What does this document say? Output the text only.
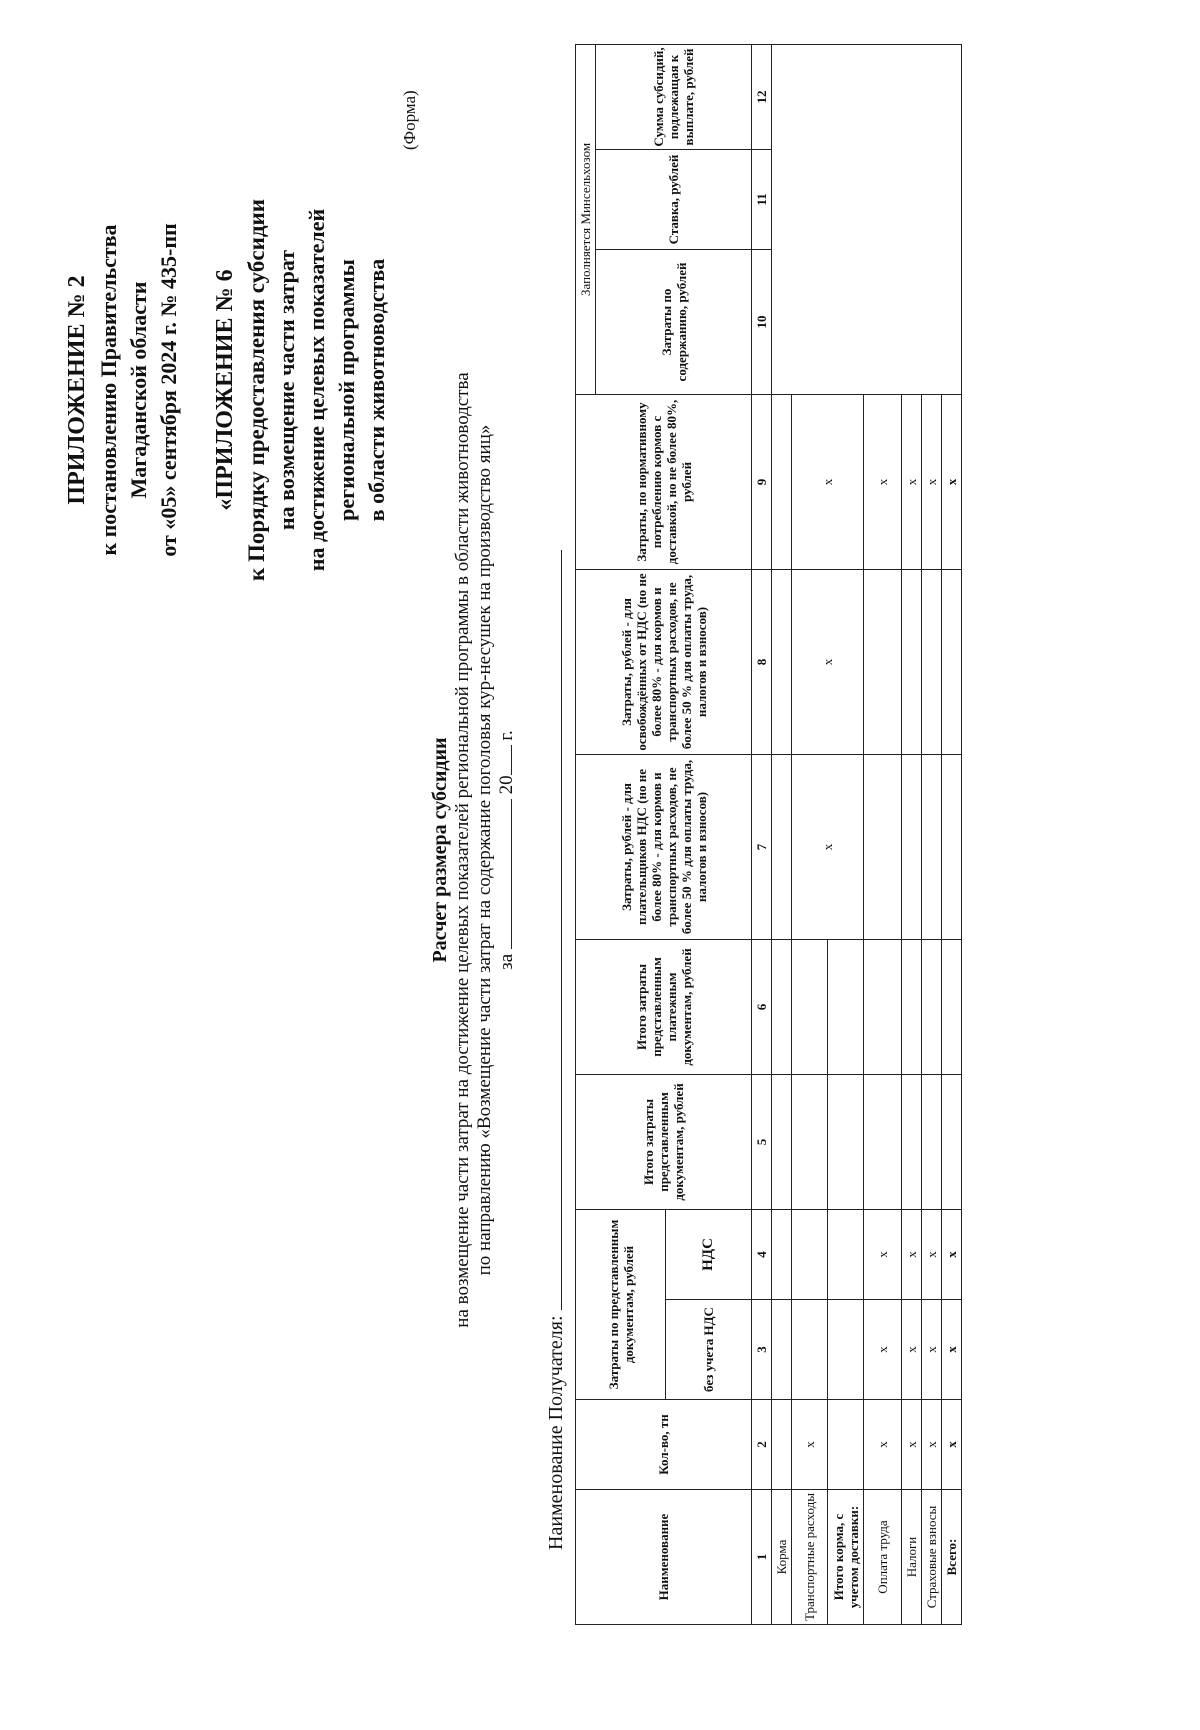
ПРИЛОЖЕНИЕ № 2 к постановлению Правительства Магаданской области от «05» сентября 2024 г. № 435-пп «ПРИЛОЖЕНИЕ № 6 к Порядку предоставления субсидии на возмещение части затрат на достижение целевых показателей региональной программы в области животноводства
(Форма)
Расчет размера субсидии на возмещение части затрат на достижение целевых показателей региональной программы в области животноводства по направлению «Возмещение части затрат на содержание поголовья кур-несушек на производство яиц» за  20 г.
Наименование Получателя:
Наименование	Кол-во, тн	Затраты по представленным документам, рублей		Итого затраты представленным документам, рублей	Итого затраты представленным платежным документам, рублей	Затраты, рублей - для плательщиков НДС (но не более 80% - для кормов и транспортных расходов, не более 50 % для оплаты труда, налогов и взносов)	Затраты, рублей - для освобождённых от НДС (но не более 80% - для кормов и транспортных расходов, не более 50 % для оплаты труда, налогов и взносов)	Затраты, по нормативному потреблению кормов с доставкой, но не более 80%, рублей	Заполняется Минсельхозом		
									Затраты по содержанию, рублей	Ставка, рублей	Сумма субсидий, подлежащая к выплате, рублей
		без учета НДС	НДС								
1	2	3	4	5	6	7	8	9	10	11	12
Корма											
Транспортные расходы	x					x	x	x			
Итого корма, с учетом доставки:											
Оплата труда	x	x	x					x			
Налоги	x	x	x					x			
Страховые взносы	x	x	x					x			
Всего:	x	x	x					x			
